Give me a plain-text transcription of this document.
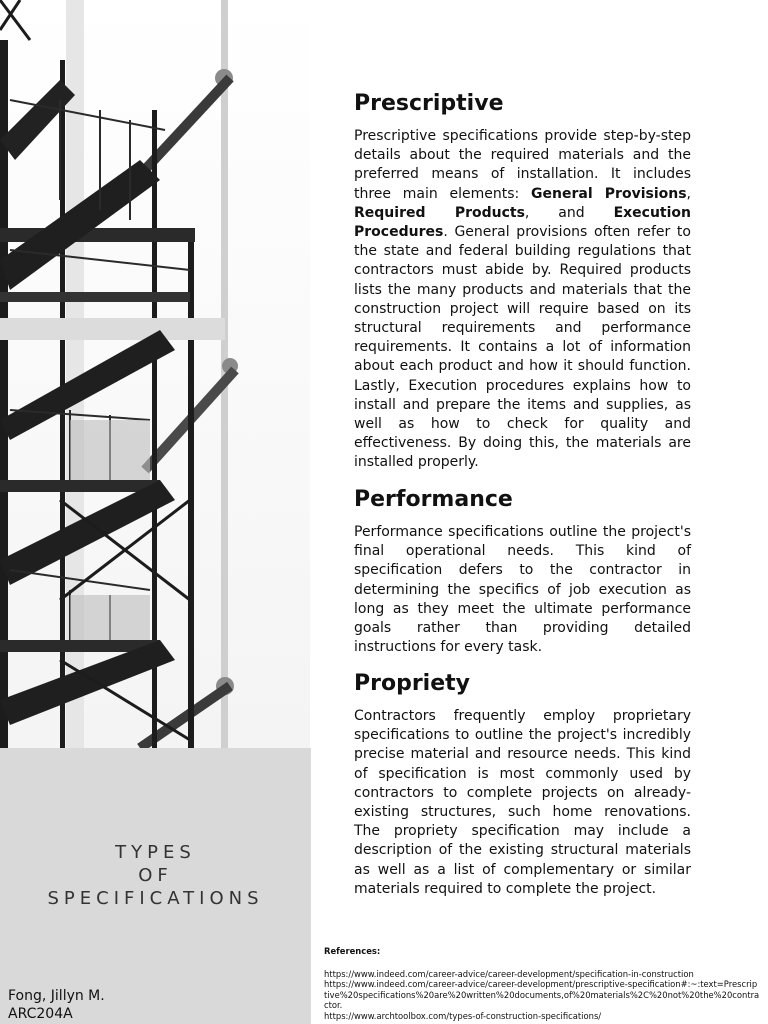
TYPES
OF
SPECIFICATIONS
Fong, Jillyn M.
ARC204A
Prescriptive

Prescriptive specifications provide step-by-step details about the required materials and the preferred means of installation. It includes three main elements: General Provisions, Required Products, and Execution Procedures. General provisions often refer to the state and federal building regulations that contractors must abide by. Required products lists the many products and materials that the construction project will require based on its structural requirements and performance requirements. It contains a lot of information about each product and how it should function. Lastly, Execution procedures explains how to install and prepare the items and supplies, as well as how to check for quality and effectiveness. By doing this, the materials are installed properly.

Performance

Performance specifications outline the project's final operational needs. This kind of specification defers to the contractor in determining the specifics of job execution as long as they meet the ultimate performance goals rather than providing detailed instructions for every task.

Propriety

Contractors frequently employ proprietary specifications to outline the project's incredibly precise material and resource needs. This kind of specification is most commonly used by contractors to complete projects on already-existing structures, such home renovations. The propriety specification may include a description of the existing structural materials as well as a list of complementary or similar materials required to complete the project.

References:
https://www.indeed.com/career-advice/career-development/specification-in-construction
https://www.indeed.com/career-advice/career-development/prescriptive-specification#:~:text=Prescriptive%20specifications%20are%20written%20documents,of%20materials%2C%20not%20the%20contractor.
https://www.archtoolbox.com/types-of-construction-specifications/
